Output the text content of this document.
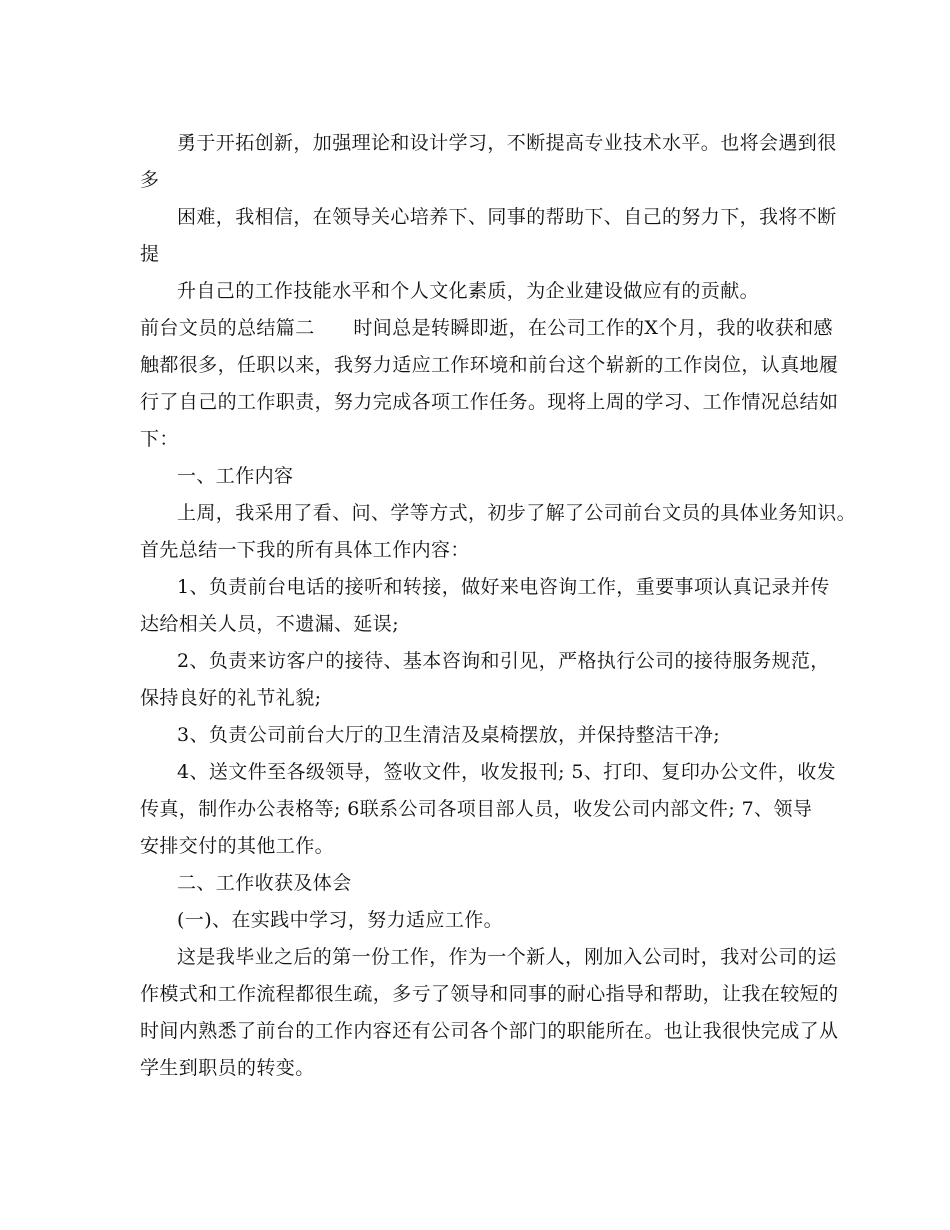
勇于开拓创新，加强理论和设计学习，不断提高专业技术水平。也将会遇到很
多
困难，我相信，在领导关心培养下、同事的帮助下、自己的努力下，我将不断
提
升自己的工作技能水平和个人文化素质，为企业建设做应有的贡献。
前台文员的总结篇二　　时间总是转瞬即逝，在公司工作的X个月，我的收获和感
触都很多，任职以来，我努力适应工作环境和前台这个崭新的工作岗位，认真地履
行了自己的工作职责，努力完成各项工作任务。现将上周的学习、工作情况总结如
下：
一、工作内容
上周，我采用了看、问、学等方式，初步了解了公司前台文员的具体业务知识。
首先总结一下我的所有具体工作内容：
1、负责前台电话的接听和转接，做好来电咨询工作，重要事项认真记录并传
达给相关人员，不遗漏、延误;
2、负责来访客户的接待、基本咨询和引见，严格执行公司的接待服务规范，
保持良好的礼节礼貌;
3、负责公司前台大厅的卫生清洁及桌椅摆放，并保持整洁干净;
4、送文件至各级领导，签收文件，收发报刊; 5、打印、复印办公文件，收发
传真，制作办公表格等; 6联系公司各项目部人员，收发公司内部文件; 7、领导
安排交付的其他工作。
二、工作收获及体会
(一)、在实践中学习，努力适应工作。
这是我毕业之后的第一份工作，作为一个新人，刚加入公司时，我对公司的运
作模式和工作流程都很生疏，多亏了领导和同事的耐心指导和帮助，让我在较短的
时间内熟悉了前台的工作内容还有公司各个部门的职能所在。也让我很快完成了从
学生到职员的转变。
